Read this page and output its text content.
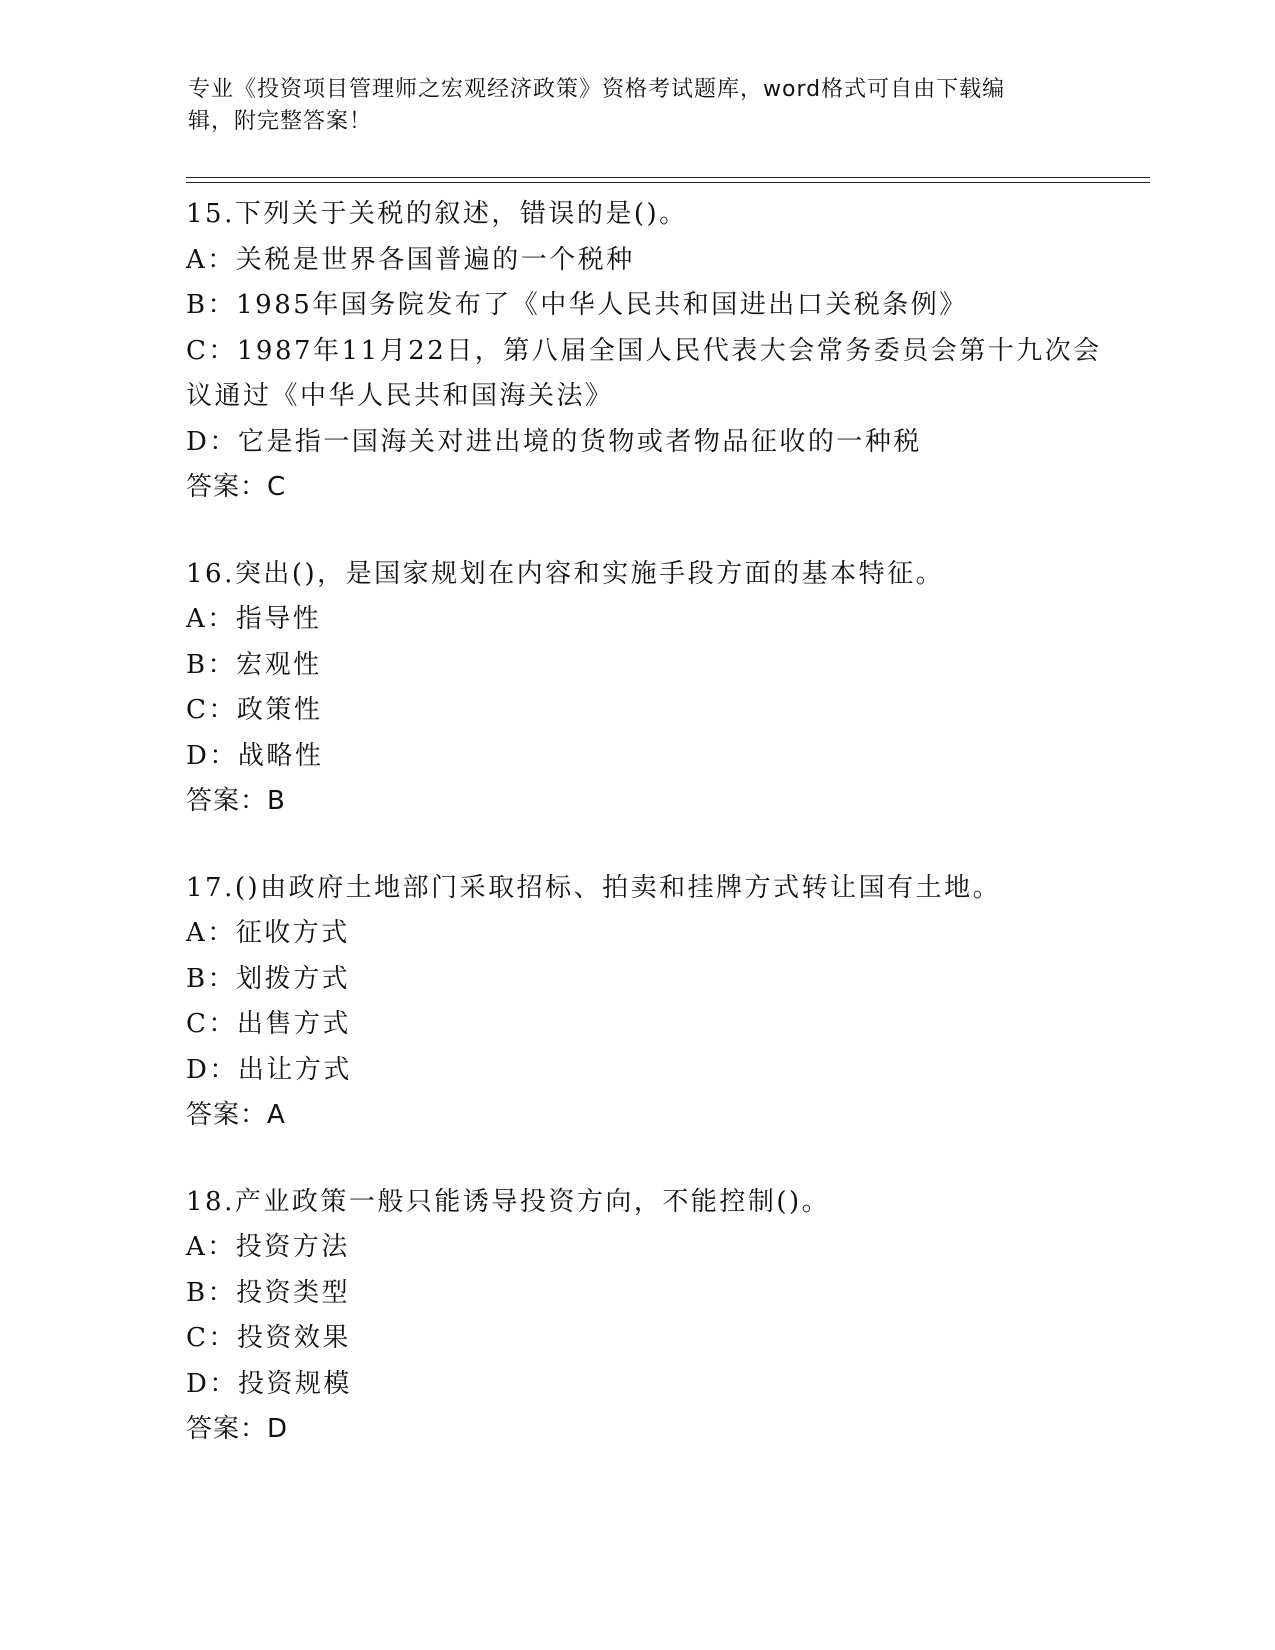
专业《投资项目管理师之宏观经济政策》资格考试题库，word格式可自由下载编
辑，附完整答案！
15.下列关于关税的叙述，错误的是()。
A：关税是世界各国普遍的一个税种
B：1985年国务院发布了《中华人民共和国进出口关税条例》
C：1987年11月22日，第八届全国人民代表大会常务委员会第十九次会议通过《中华人民共和国海关法》
D：它是指一国海关对进出境的货物或者物品征收的一种税
答案：C
16.突出()，是国家规划在内容和实施手段方面的基本特征。
A：指导性
B：宏观性
C：政策性
D：战略性
答案：B
17.()由政府土地部门采取招标、拍卖和挂牌方式转让国有土地。
A：征收方式
B：划拨方式
C：出售方式
D：出让方式
答案：A
18.产业政策一般只能诱导投资方向，不能控制()。
A：投资方法
B：投资类型
C：投资效果
D：投资规模
答案：D
